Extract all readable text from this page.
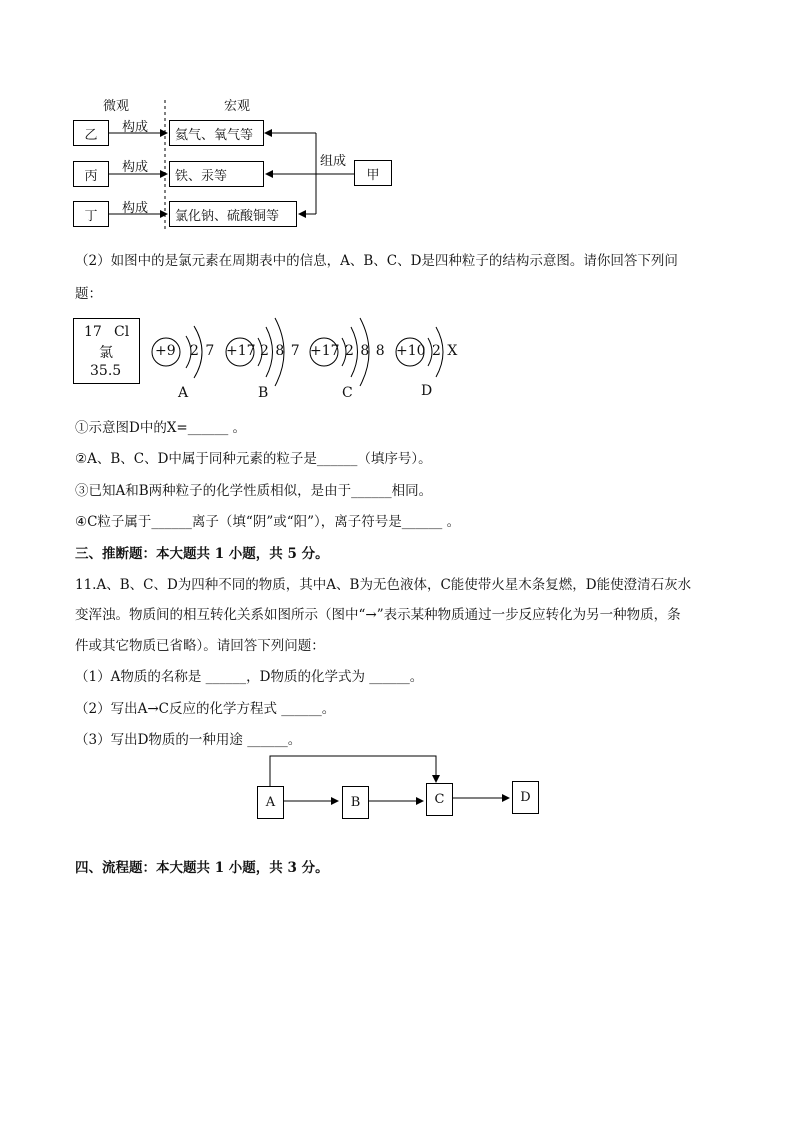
微观	宏观
乙
丙
丁
构成
构成
构成
氦气、氧气等
铁、汞等
氯化钠、硫酸铜等
组成
甲
（2）如图中的是氯元素在周期表中的信息，A、B、C、D是四种粒子的结构示意图。请你回答下列问
题：
17 Cl
氯
35.5
+9 2 7
A
+17 2 8 7
B
+17 2 8 8
C
+10 2 X
D
①示意图D中的X=______ 。
②A、B、C、D中属于同种元素的粒子是______（填序号）。
③已知A和B两种粒子的化学性质相似，是由于______相同。
④C粒子属于______离子（填“阴”或“阳”），离子符号是______ 。
三、推断题：本大题共 1 小题，共 5 分。
11.A、B、C、D为四种不同的物质，其中A、B为无色液体，C能使带火星木条复燃，D能使澄清石灰水
变浑浊。物质间的相互转化关系如图所示（图中“→”表示某种物质通过一步反应转化为另一种物质，条
件或其它物质已省略）。请回答下列问题：
（1）A物质的名称是 ______，D物质的化学式为 ______。
（2）写出A→C反应的化学方程式 ______。
（3）写出D物质的一种用途 ______。
A	B	C	D
四、流程题：本大题共 1 小题，共 3 分。
